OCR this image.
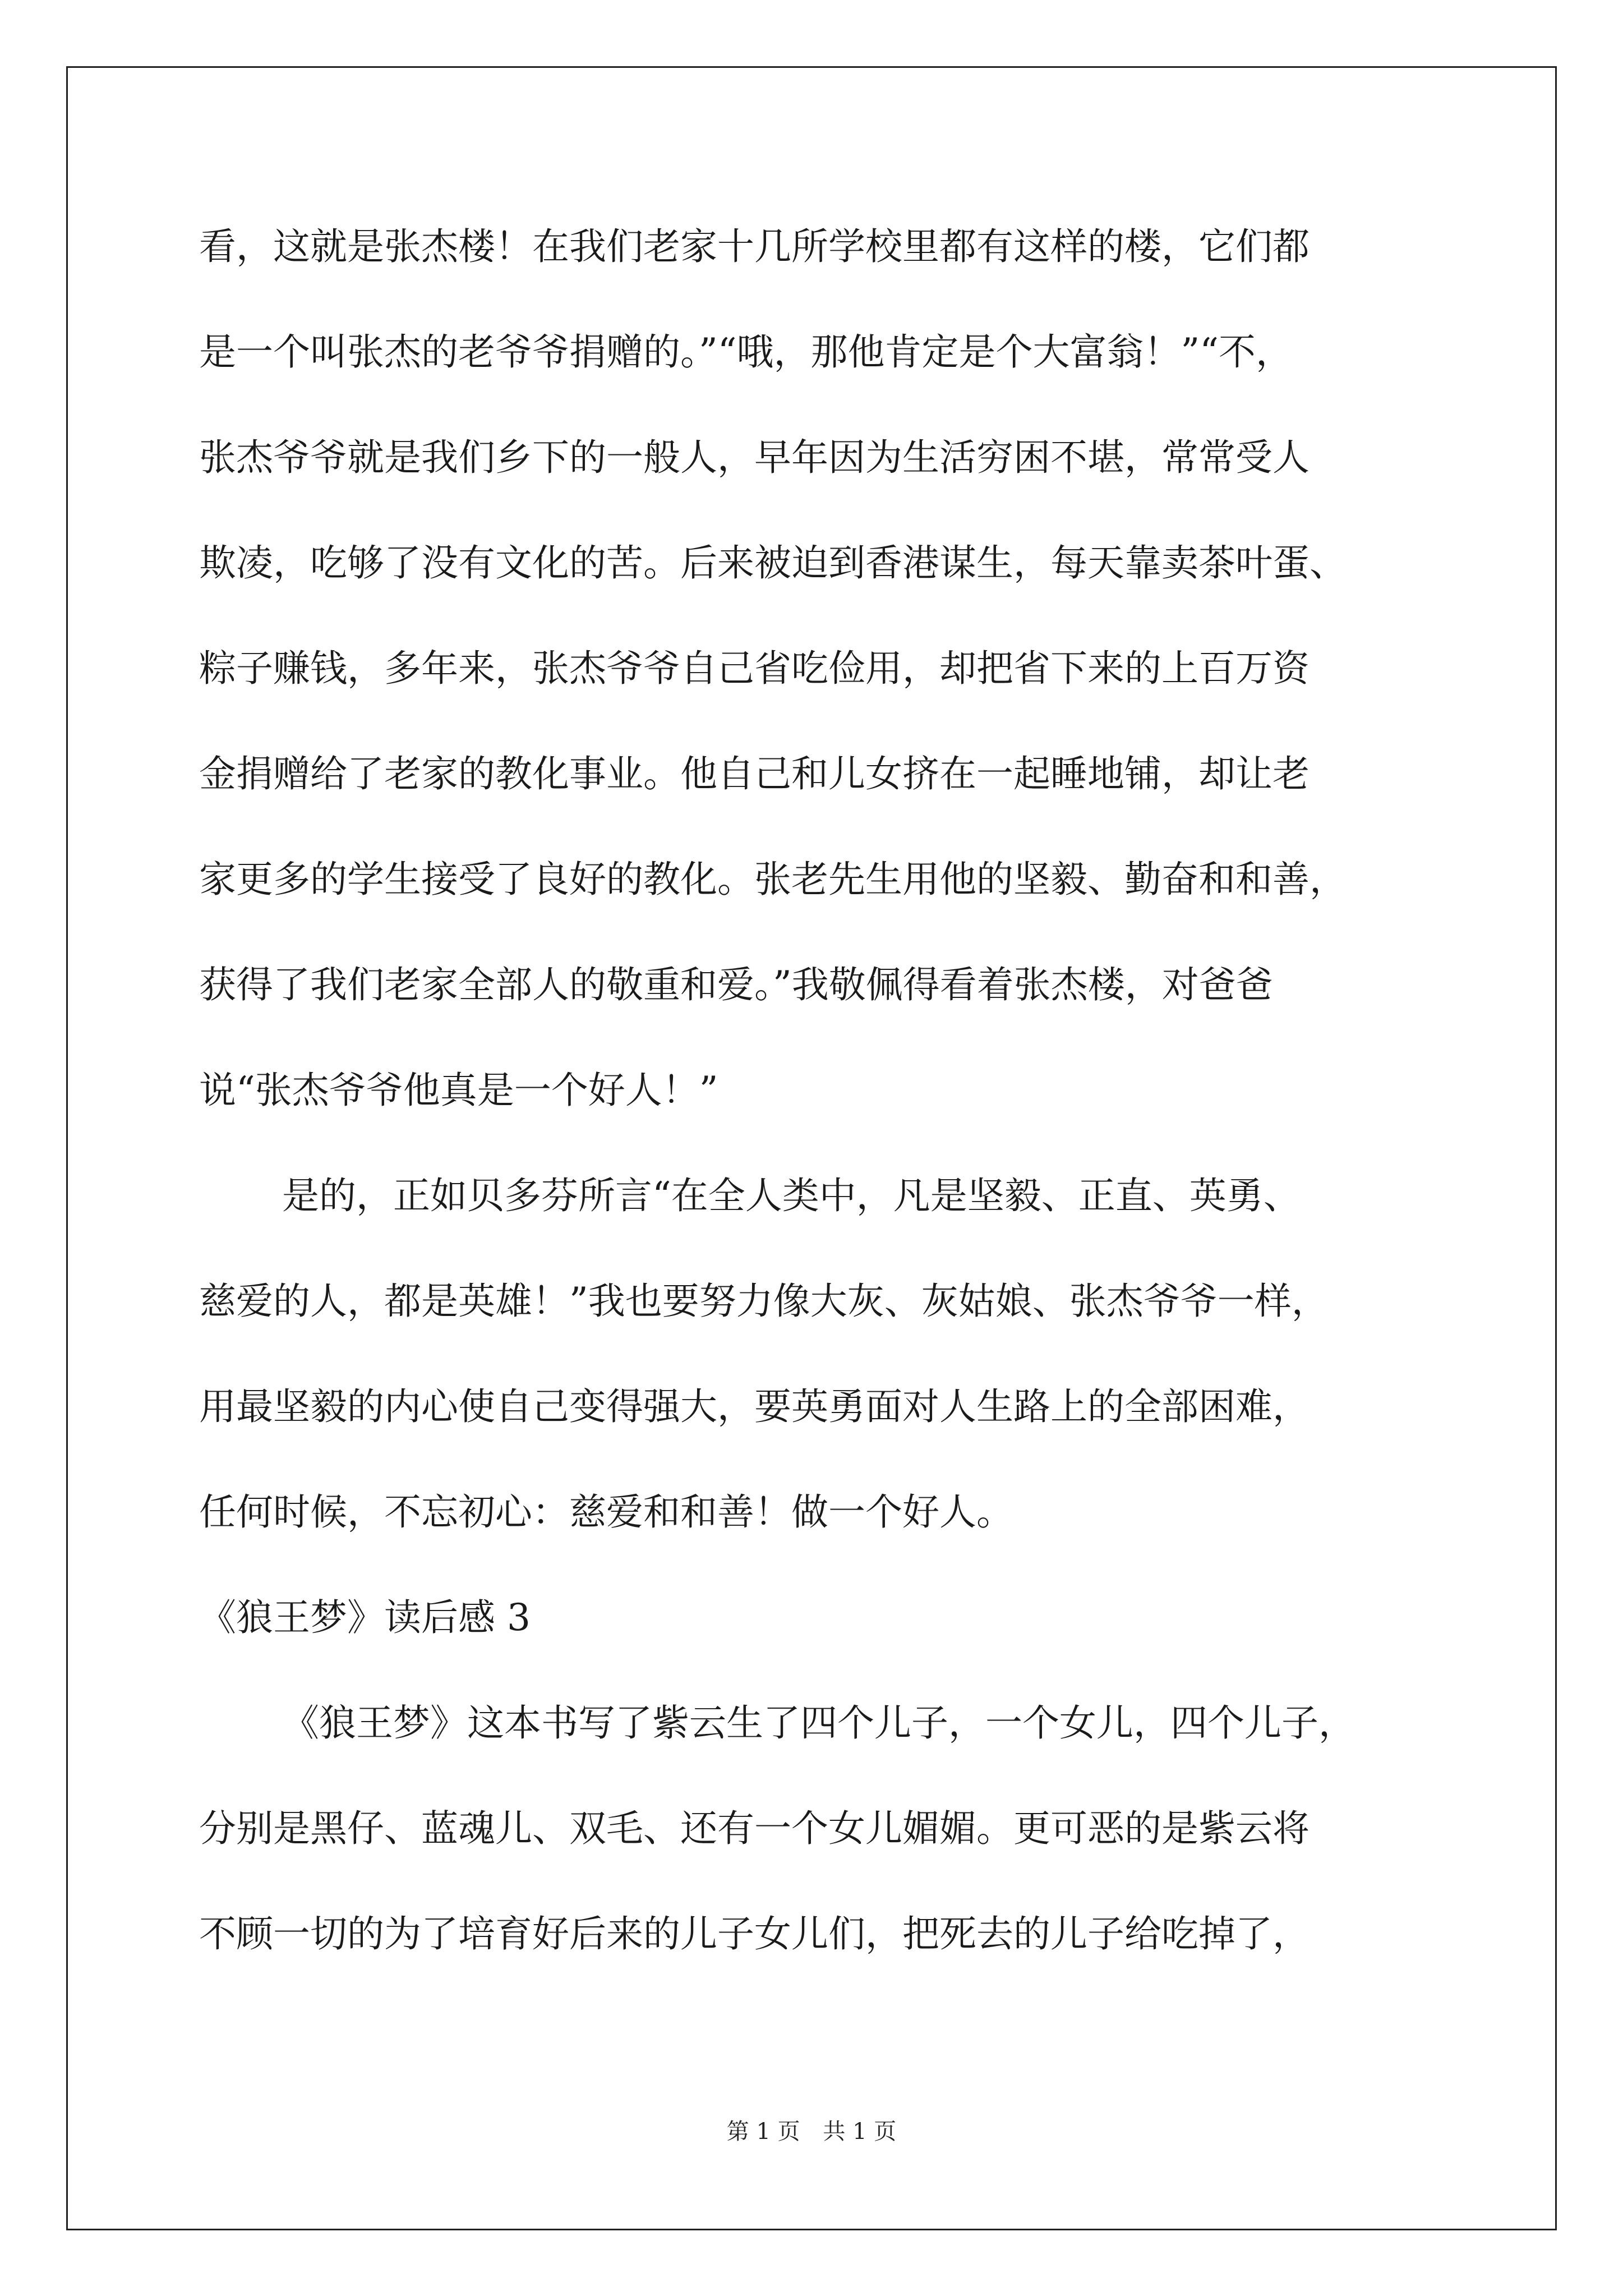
看，这就是张杰楼！在我们老家十几所学校里都有这样的楼，它们都
是一个叫张杰的老爷爷捐赠的。”“哦，那他肯定是个大富翁！”“不，
张杰爷爷就是我们乡下的一般人，早年因为生活穷困不堪，常常受人
欺凌，吃够了没有文化的苦。后来被迫到香港谋生，每天靠卖茶叶蛋、
粽子赚钱，多年来，张杰爷爷自己省吃俭用，却把省下来的上百万资
金捐赠给了老家的教化事业。他自己和儿女挤在一起睡地铺，却让老
家更多的学生接受了良好的教化。张老先生用他的坚毅、勤奋和和善，
获得了我们老家全部人的敬重和爱。”我敬佩得看着张杰楼，对爸爸
说“张杰爷爷他真是一个好人！”
是的，正如贝多芬所言“在全人类中，凡是坚毅、正直、英勇、
慈爱的人，都是英雄！”我也要努力像大灰、灰姑娘、张杰爷爷一样，
用最坚毅的内心使自己变得强大，要英勇面对人生路上的全部困难，
任何时候，不忘初心：慈爱和和善！做一个好人。
《狼王梦》读后感 3
《狼王梦》这本书写了紫云生了四个儿子，一个女儿，四个儿子，
分别是黑仔、蓝魂儿、双毛、还有一个女儿媚媚。更可恶的是紫云将
不顾一切的为了培育好后来的儿子女儿们，把死去的儿子给吃掉了，
第 1 页 共 1 页
